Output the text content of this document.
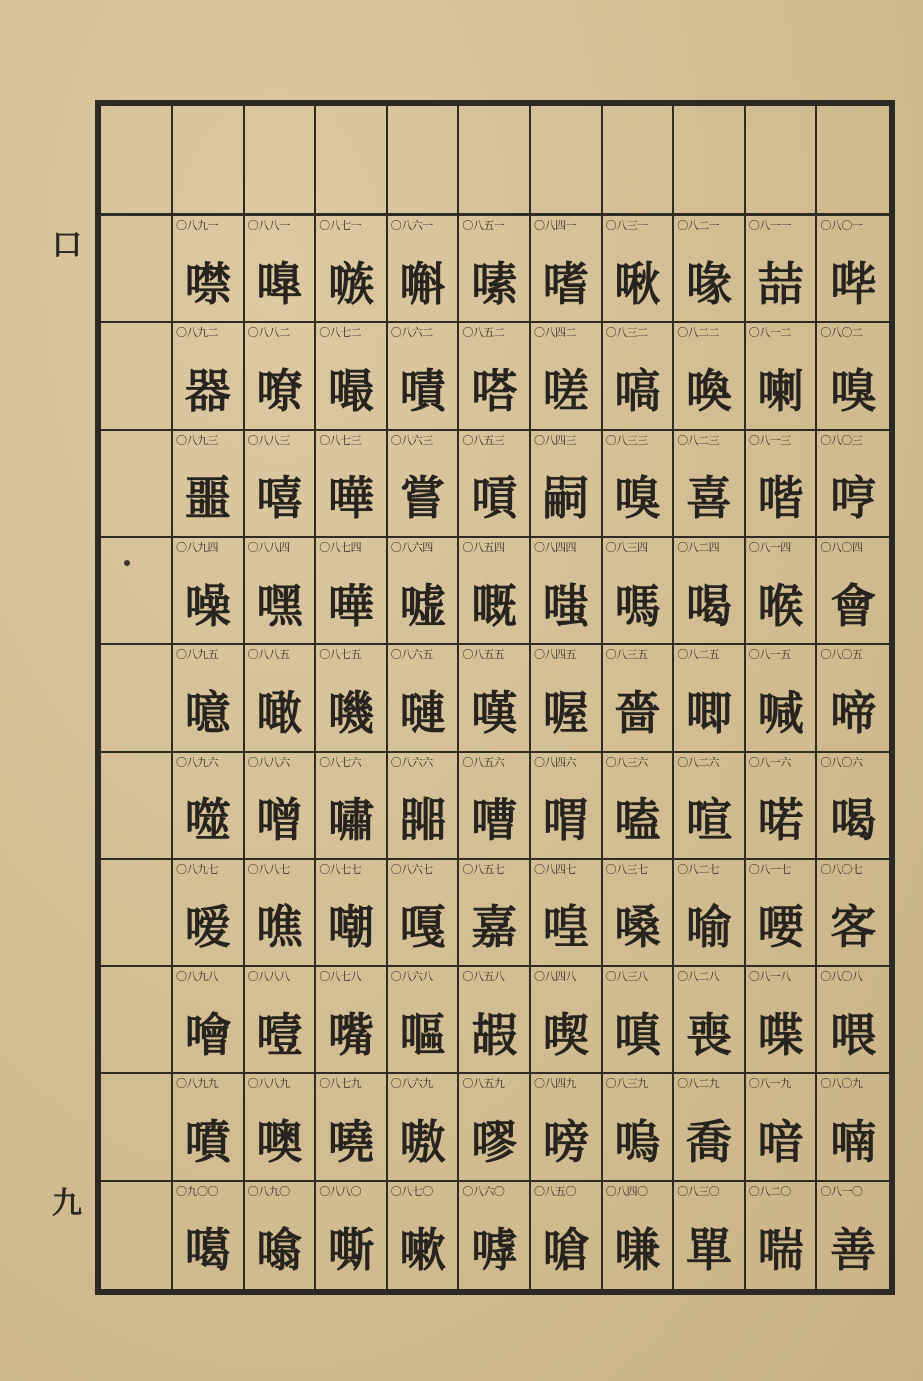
口
九
〇八九一
噤
〇八八一
嘷
〇八七一
嗾
〇八六一
嘝
〇八五一
嗉
〇八四一
嗜
〇八三一
啾
〇八二一
喙
〇八一一
喆
〇八〇一
哔
〇八九二
器
〇八八二
嘹
〇八七二
嘬
〇八六二
嘖
〇八五二
嗒
〇八四二
嗟
〇八三二
嗃
〇八二二
喚
〇八一二
喇
〇八〇二
嗅
〇八九三
噩
〇八八三
嘻
〇八七三
嘩
〇八六三
嘗
〇八五三
嗊
〇八四三
嗣
〇八三三
嗅
〇八二三
喜
〇八一三
喈
〇八〇三
哼
〇八九四
噪
〇八八四
嘿
〇八七四
嘩
〇八六四
嘘
〇八五四
嘅
〇八四四
嗤
〇八三四
嗎
〇八二四
喝
〇八一四
喉
〇八〇四
會
〇八九五
噫
〇八八五
噉
〇八七五
嘰
〇八六五
嗹
〇八五五
嘆
〇八四五
喔
〇八三五
嗇
〇八二五
唧
〇八一五
喊
〇八〇五
啼
〇八九六
噬
〇八八六
噌
〇八七六
嘯
〇八六六
嘂
〇八五六
嘈
〇八四六
喟
〇八三六
嗑
〇八二六
喧
〇八一六
喏
〇八〇六
喝
〇八九七
嗳
〇八八七
噍
〇八七七
嘲
〇八六七
嘎
〇八五七
嘉
〇八四七
喤
〇八三七
嗓
〇八二七
喻
〇八一七
喓
〇八〇七
客
〇八九八
噲
〇八八八
噎
〇八七八
嘴
〇八六八
嘔
〇八五八
嘏
〇八四八
喫
〇八三八
嗔
〇八二八
喪
〇八一八
喋
〇八〇八
喂
〇八九九
噴
〇八八九
噢
〇八七九
嘵
〇八六九
嗷
〇八五九
嘐
〇八四九
嗙
〇八三九
嗚
〇八二九
喬
〇八一九
喑
〇八〇九
喃
〇九〇〇
噶
〇八九〇
噏
〇八八〇
嘶
〇八七〇
嗽
〇八六〇
嘑
〇八五〇
嗆
〇八四〇
嗛
〇八三〇
單
〇八二〇
喘
〇八一〇
善
